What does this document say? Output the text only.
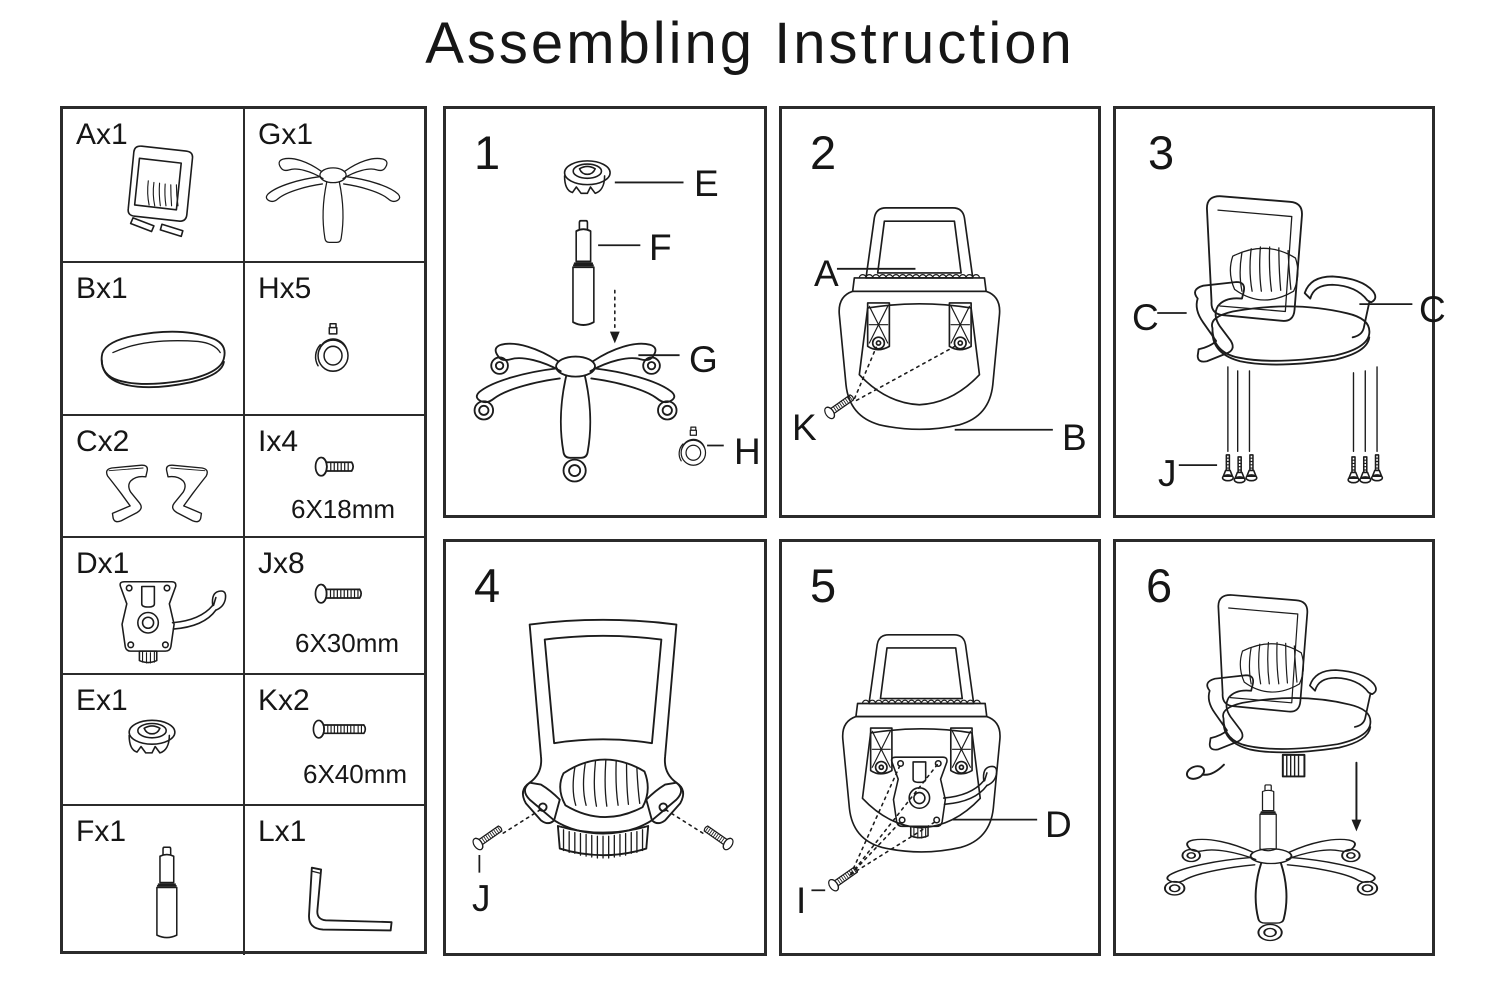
Assembling Instruction
Ax1	Gx1
Bx1	Hx5
Cx2	Ix4
6X18mm
Dx1	Jx8
6X30mm
Ex1	Kx2
6X40mm
Fx1	Lx1
1
E
F
G
H
2
A
K	B
3
C	C
J
4
J
5
D
I
6
